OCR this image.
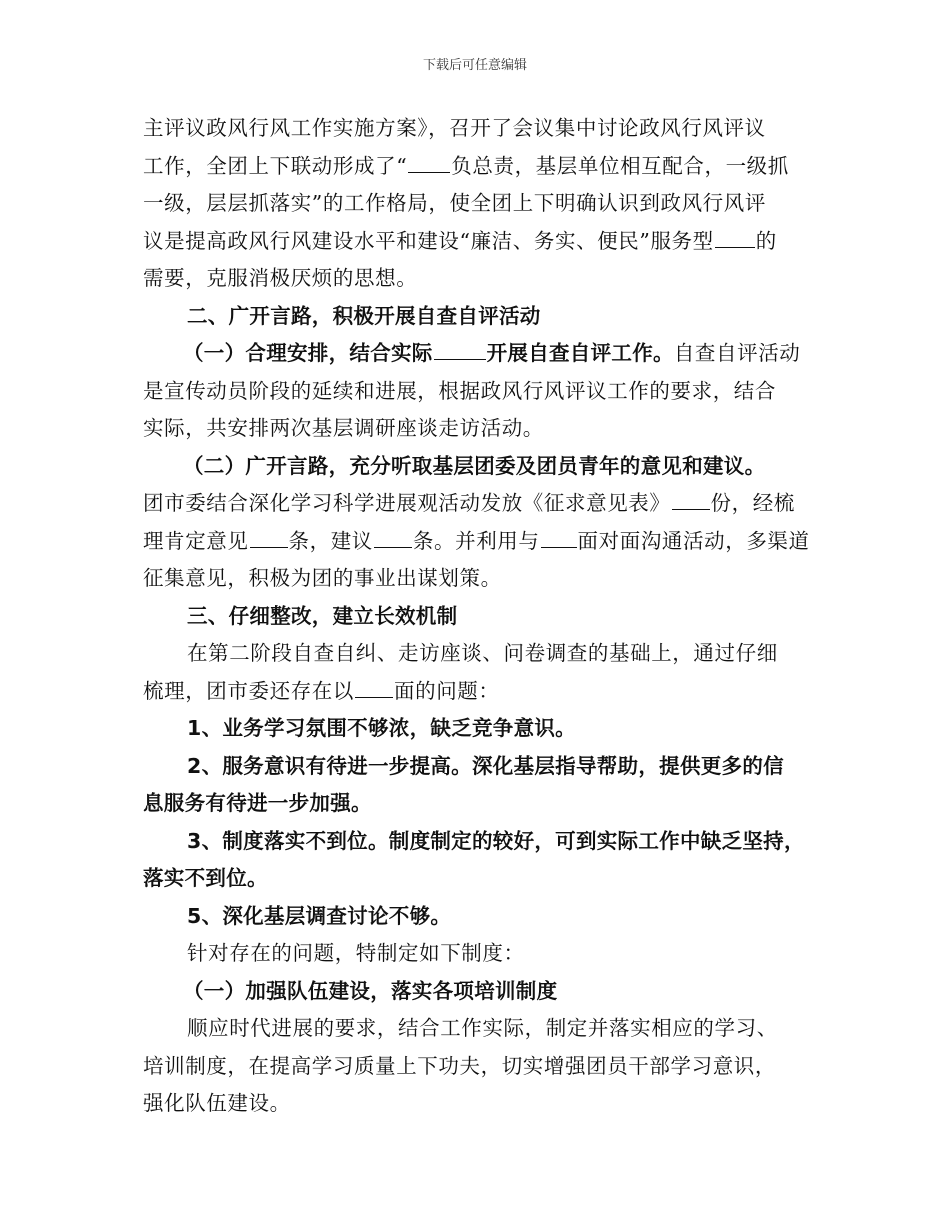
下载后可任意编辑

主评议政风行风工作实施方案》，召开了会议集中讨论政风行风评议

工作，全团上下联动形成了“ 负总责，基层单位相互配合，一级抓

一级，层层抓落实”的工作格局，使全团上下明确认识到政风行风评

议是提高政风行风建设水平和建设“廉洁、务实、便民”服务型 的

需要，克服消极厌烦的思想。

二、广开言路，积极开展自查自评活动

（一）合理安排，结合实际	开展自查自评工作。自查自评活动

是宣传动员阶段的延续和进展，根据政风行风评议工作的要求，结合

实际，共安排两次基层调研座谈走访活动。

（二）广开言路，充分听取基层团委及团员青年的意见和建议。

团市委结合深化学习科学进展观活动发放《征求意见表》 份，经梳

理肯定意见 条，建议 条。并利用与 面对面沟通活动，多渠道

征集意见，积极为团的事业出谋划策。

三、仔细整改，建立长效机制

在第二阶段自查自纠、走访座谈、问卷调查的基础上，通过仔细

梳理，团市委还存在以 面的问题：

1、业务学习氛围不够浓，缺乏竞争意识。

2、服务意识有待进一步提高。深化基层指导帮助，提供更多的信

息服务有待进一步加强。

3、制度落实不到位。制度制定的较好，可到实际工作中缺乏坚持，

落实不到位。

5、深化基层调查讨论不够。

针对存在的问题，特制定如下制度：

（一）加强队伍建设，落实各项培训制度

顺应时代进展的要求，结合工作实际，制定并落实相应的学习、

培训制度，在提高学习质量上下功夫，切实增强团员干部学习意识，

强化队伍建设。
